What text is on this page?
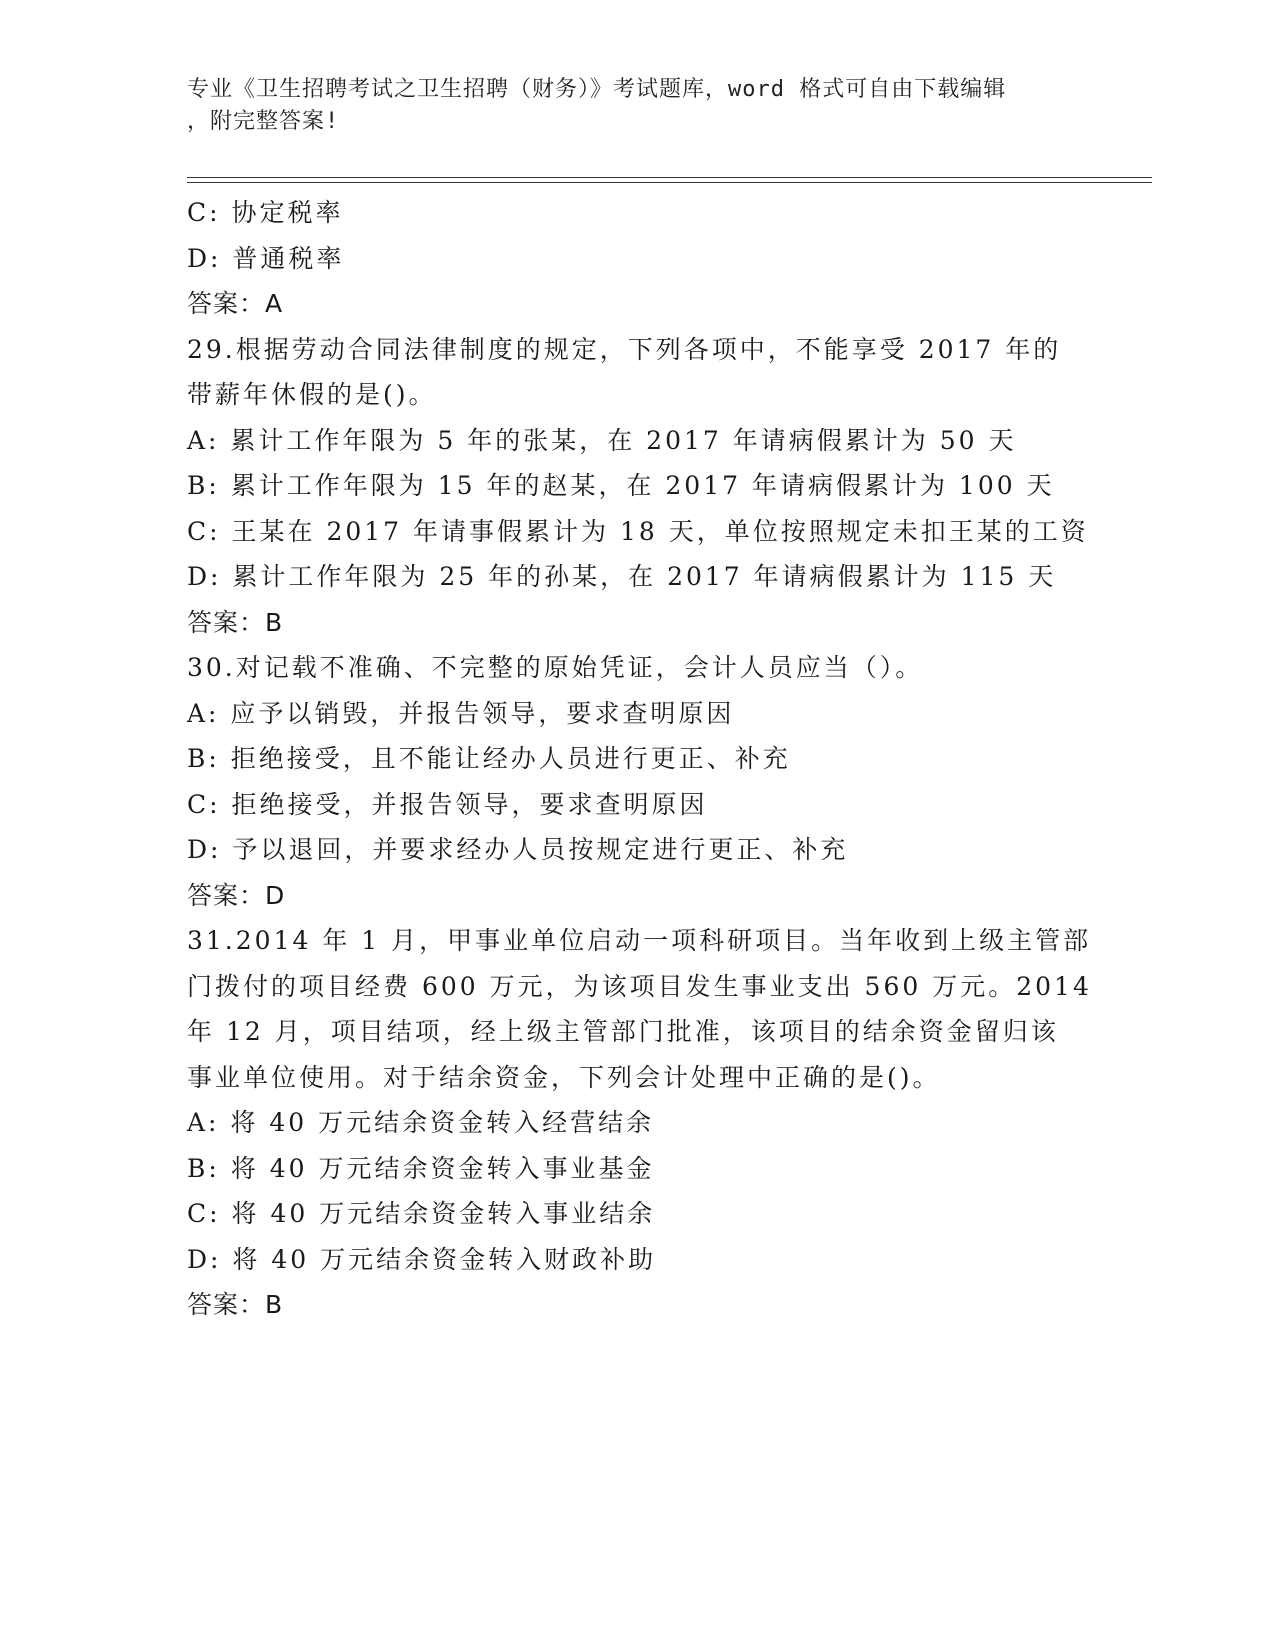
专业《卫生招聘考试之卫生招聘（财务）》考试题库，word 格式可自由下载编辑
，附完整答案!
C: 协定税率
D: 普通税率
答案：A
29.根据劳动合同法律制度的规定，下列各项中，不能享受 2017 年的
带薪年休假的是()。
A: 累计工作年限为 5 年的张某，在 2017 年请病假累计为 50 天
B: 累计工作年限为 15 年的赵某，在 2017 年请病假累计为 100 天
C: 王某在 2017 年请事假累计为 18 天，单位按照规定未扣王某的工资
D: 累计工作年限为 25 年的孙某，在 2017 年请病假累计为 115 天
答案：B
30.对记载不准确、不完整的原始凭证，会计人员应当（）。
A: 应予以销毁，并报告领导，要求查明原因
B: 拒绝接受，且不能让经办人员进行更正、补充
C: 拒绝接受，并报告领导，要求查明原因
D: 予以退回，并要求经办人员按规定进行更正、补充
答案：D
31.2014 年 1 月，甲事业单位启动一项科研项目。当年收到上级主管部
门拨付的项目经费 600 万元，为该项目发生事业支出 560 万元。2014
年 12 月，项目结项，经上级主管部门批准，该项目的结余资金留归该
事业单位使用。对于结余资金，下列会计处理中正确的是()。
A: 将 40 万元结余资金转入经营结余
B: 将 40 万元结余资金转入事业基金
C: 将 40 万元结余资金转入事业结余
D: 将 40 万元结余资金转入财政补助
答案：B
